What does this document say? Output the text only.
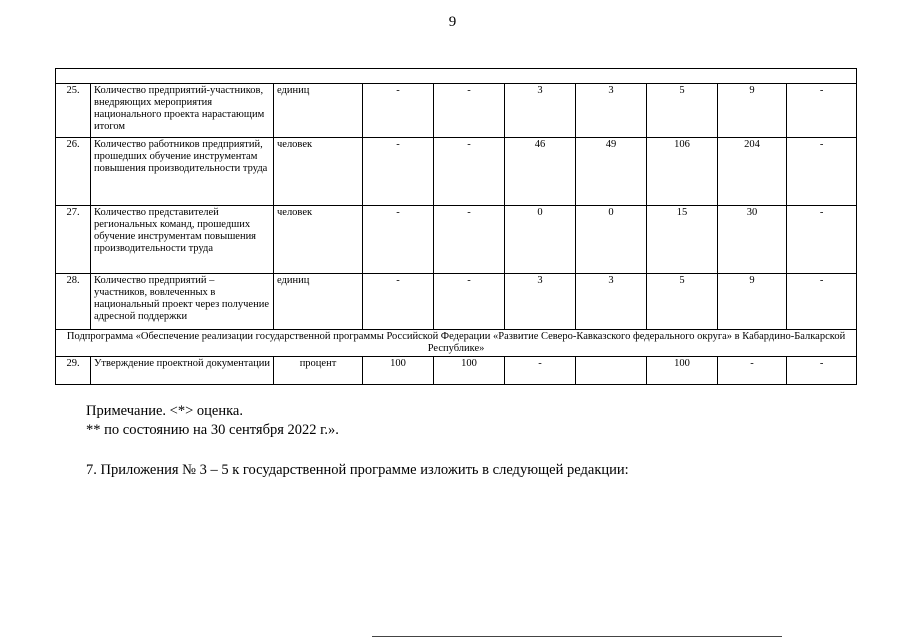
9

25.	Количество предприятий-участников, внедряющих мероприятия национального проекта нарастающим итогом	единиц	-	-	3	3	5	9	-
26.	Количество работников предприятий, прошедших обучение инструментам повышения производительности труда	человек	-	-	46	49	106	204	-
27.	Количество представителей региональных команд, прошедших обучение инструментам повышения производительности труда	человек	-	-	0	0	15	30	-
28.	Количество предприятий – участников, вовлеченных в национальный проект через получение адресной поддержки	единиц	-	-	3	3	5	9	-
Подпрограмма «Обеспечение реализации государственной программы Российской Федерации «Развитие Северо-Кавказского федерального округа» в Кабардино-Балкарской Республике»									
29.	Утверждение проектной документации	процент	100	100	-		100	-	-
Примечание. <*> оценка.
** по состоянию на 30 сентября 2022 г.».
7. Приложения № 3 – 5 к государственной программе изложить в следующей редакции:
